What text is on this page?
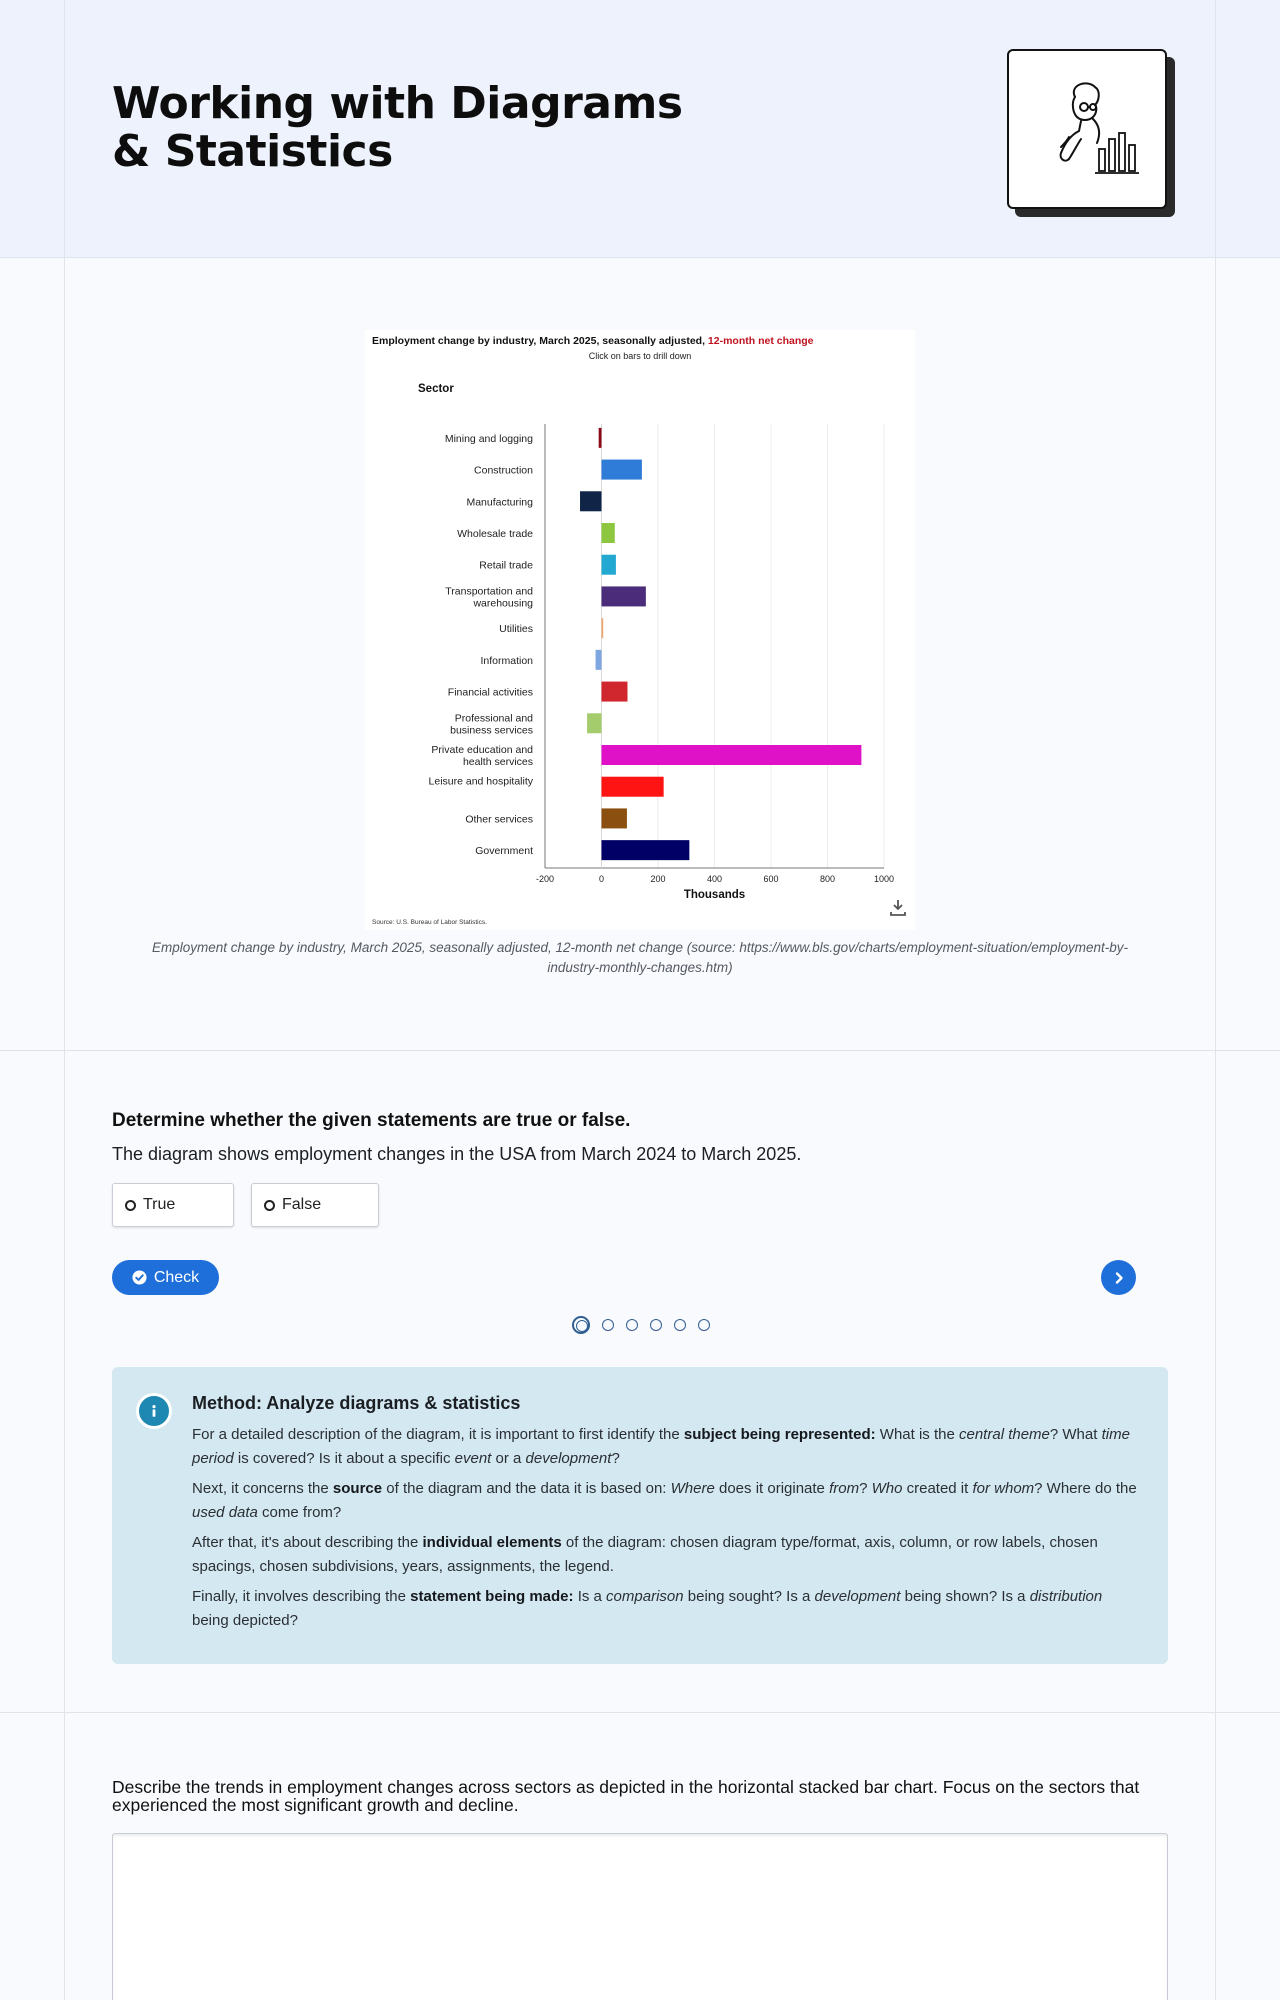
Working with Diagrams & Statistics
Employment change by industry, March 2025, seasonally adjusted, 12-month net change
Click on bars to drill down
Sector
-200	0	200	400	600	800	1000
Mining and logging
Construction
Manufacturing
Wholesale trade
Retail trade
Transportation and warehousing
Utilities
Information
Financial activities
Professional and business services
Private education and health services
Leisure and hospitality
Other services
Government
Thousands
Source: U.S. Bureau of Labor Statistics.
Employment change by industry, March 2025, seasonally adjusted, 12-month net change (source: https://www.bls.gov/charts/employment-situation/employment-by-industry-monthly-changes.htm)
Determine whether the given statements are true or false.
The diagram shows employment changes in the USA from March 2024 to March 2025.
True	False
Check
Method: Analyze diagrams & statistics

For a detailed description of the diagram, it is important to first identify the subject being represented: What is the central theme? What time period is covered? Is it about a specific event or a development?

Next, it concerns the source of the diagram and the data it is based on: Where does it originate from? Who created it for whom? Where do the used data come from?

After that, it's about describing the individual elements of the diagram: chosen diagram type/format, axis, column, or row labels, chosen spacings, chosen subdivisions, years, assignments, the legend.

Finally, it involves describing the statement being made: Is a comparison being sought? Is a development being shown? Is a distribution being depicted?

Describe the trends in employment changes across sectors as depicted in the horizontal stacked bar chart. Focus on the sectors that experienced the most significant growth and decline.
